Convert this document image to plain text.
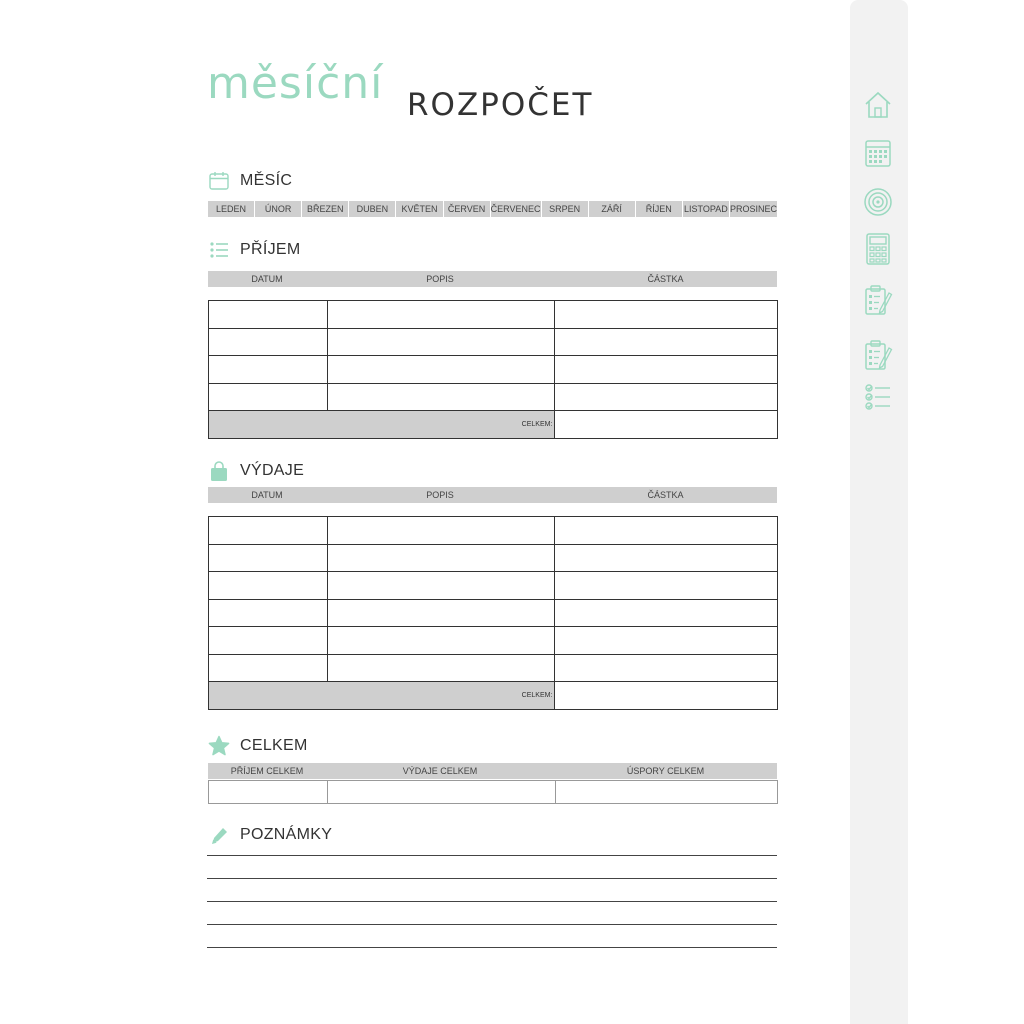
měsíční ROZPOČET
MĚSÍC
LEDEN	ÚNOR	BŘEZEN	DUBEN	KVĚTEN	ČERVEN ČERVENEC SRPEN	ZÁŘÍ	ŘÍJEN	LISTOPAD PROSINEC
PŘÍJEM
DATUM	POPIS	ČÁSTKA

CELKEM:		
VÝDAJE
DATUM	POPIS	ČÁSTKA

CELKEM:		
CELKEM
PŘÍJEM CELKEM	VÝDAJE CELKEM	ÚSPORY CELKEM
POZNÁMKY
